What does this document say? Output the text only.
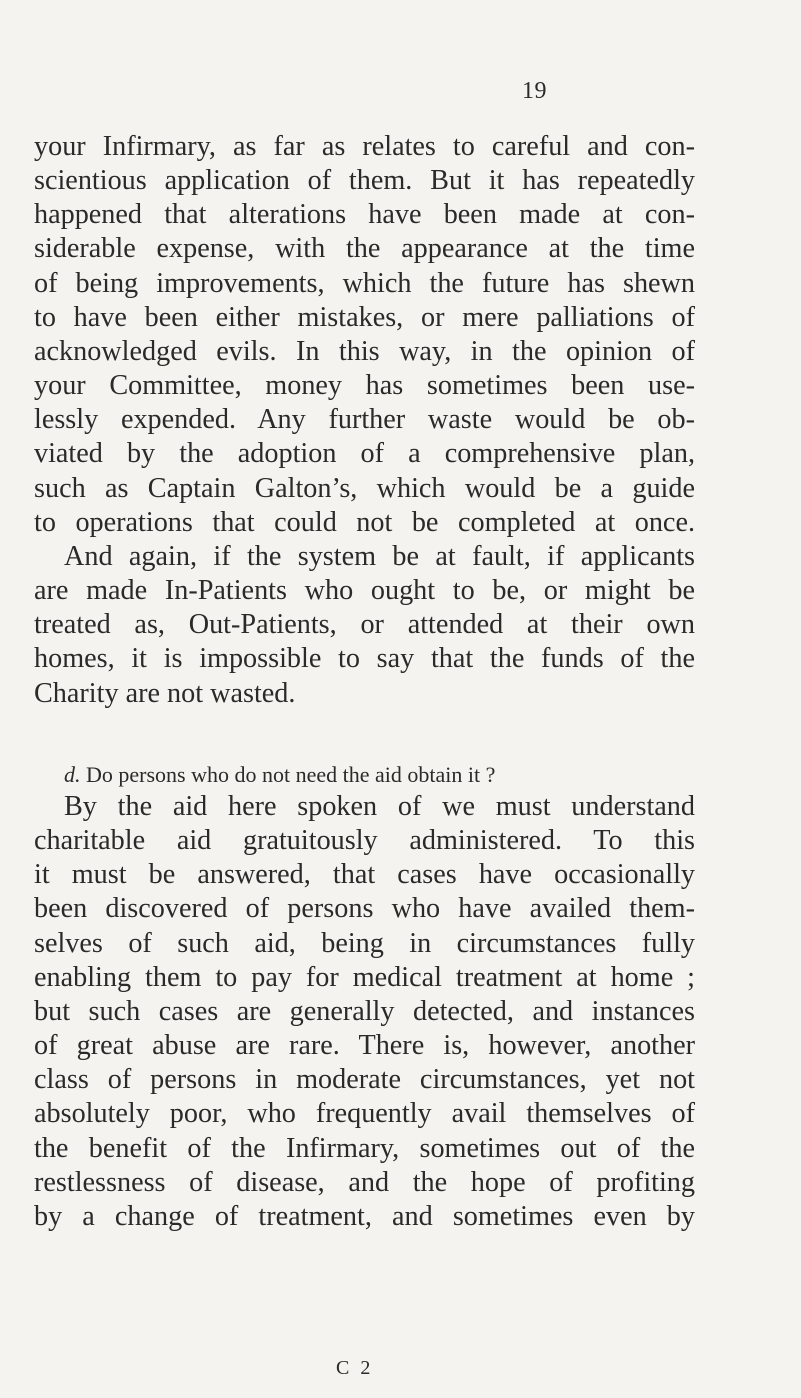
19
your Infirmary, as far as relates to careful and con-
scientious application of them. But it has repeatedly
happened that alterations have been made at con-
siderable expense, with the appearance at the time
of being improvements, which the future has shewn
to have been either mistakes, or mere palliations of
acknowledged evils. In this way, in the opinion of
your Committee, money has sometimes been use-
lessly expended. Any further waste would be ob-
viated by the adoption of a comprehensive plan,
such as Captain Galton’s, which would be a guide
to operations that could not be completed at once.
And again, if the system be at fault, if applicants
are made In-Patients who ought to be, or might be
treated as, Out-Patients, or attended at their own
homes, it is impossible to say that the funds of the
Charity are not wasted.
d. Do persons who do not need the aid obtain it ?
By the aid here spoken of we must understand
charitable aid gratuitously administered. To this
it must be answered, that cases have occasionally
been discovered of persons who have availed them-
selves of such aid, being in circumstances fully
enabling them to pay for medical treatment at home ;
but such cases are generally detected, and instances
of great abuse are rare. There is, however, another
class of persons in moderate circumstances, yet not
absolutely poor, who frequently avail themselves of
the benefit of the Infirmary, sometimes out of the
restlessness of disease, and the hope of profiting
by a change of treatment, and sometimes even by
C 2
